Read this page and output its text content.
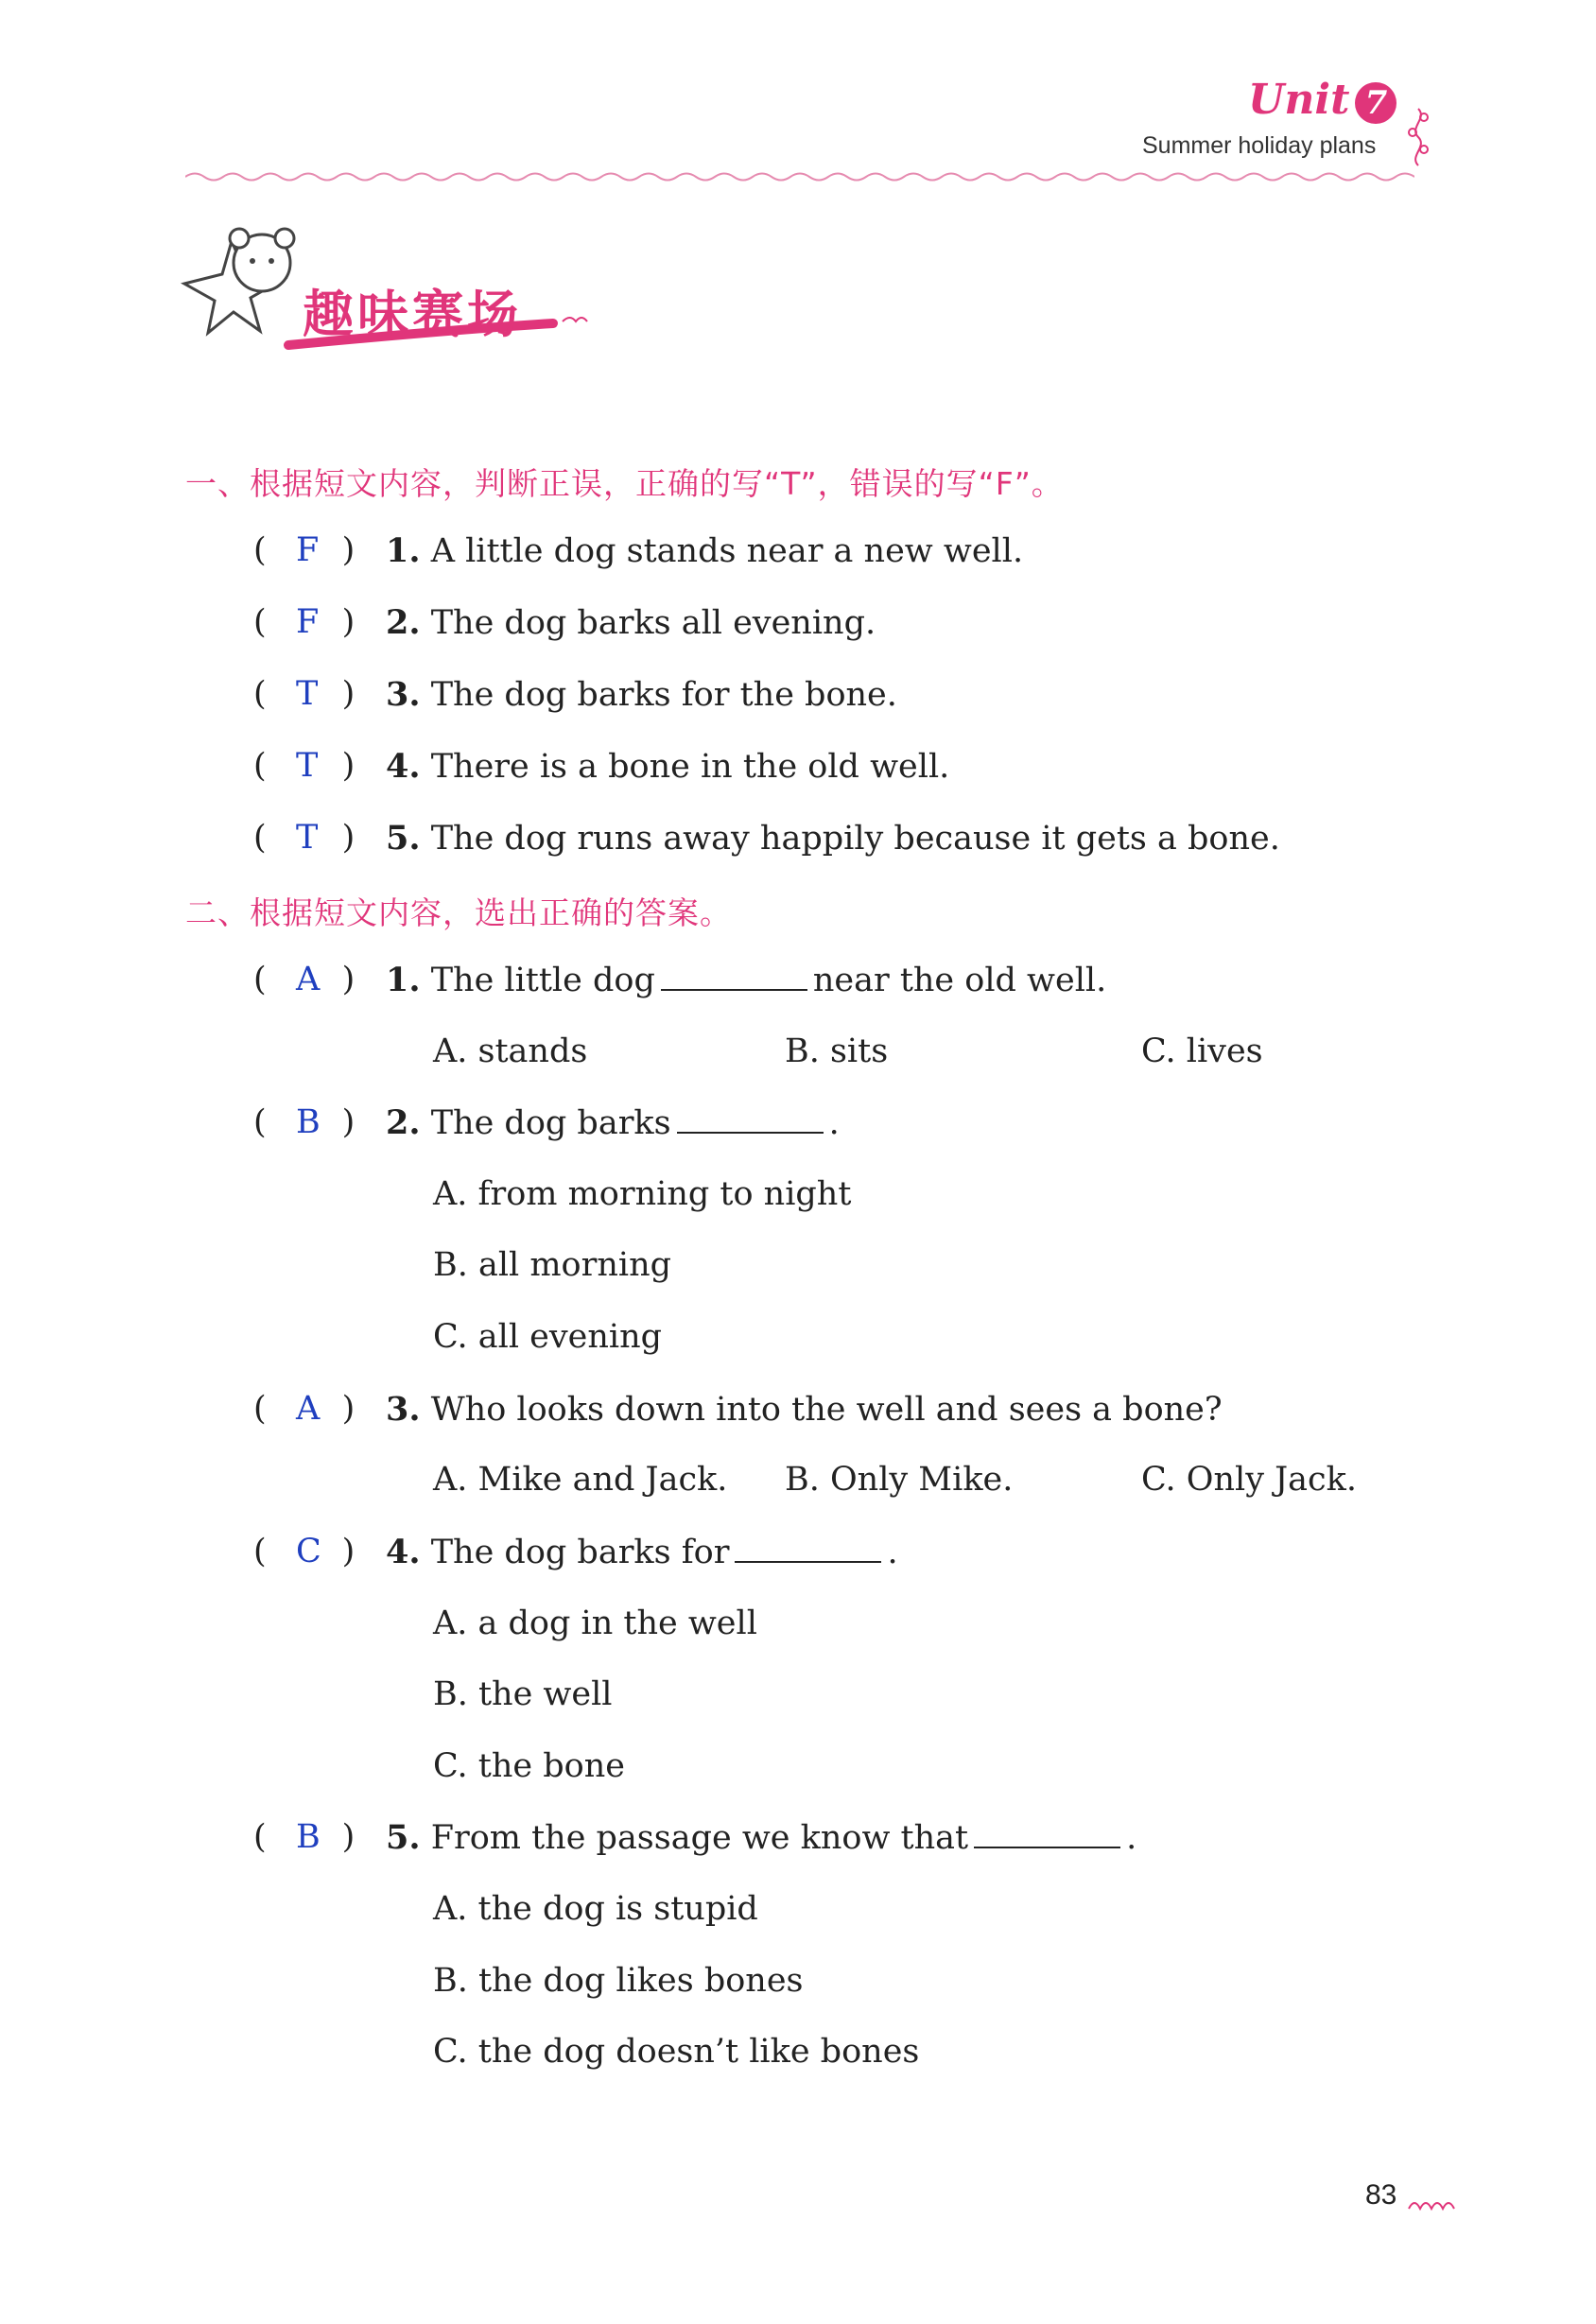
Unit 7
Summer holiday plans
趣味赛场
一、根据短文内容，判断正误，正确的写“T”，错误的写“F”。
( )
F 1. A little dog stands near a new well.
( )
F 2. The dog barks all evening.
( )
T 3. The dog barks for the bone.
( )
T 4. There is a bone in the old well.
( )
T 5. The dog runs away happily because it gets a bone.
二、根据短文内容，选出正确的答案。
( )
A 1. The little dog	near the old well.
A. stands	B. sits	C. lives
( )
B 2. The dog barks	.
A. from morning to night
B. all morning
C. all evening
( )
A 3. Who looks down into the well and sees a bone?
A. Mike and Jack. B. Only Mike.	C. Only Jack.
( )
C 4. The dog barks for	.
A. a dog in the well
B. the well
C. the bone
( )
B 5. From the passage we know that	.
A. the dog is stupid
B. the dog likes bones
C. the dog doesn’t like bones
83
